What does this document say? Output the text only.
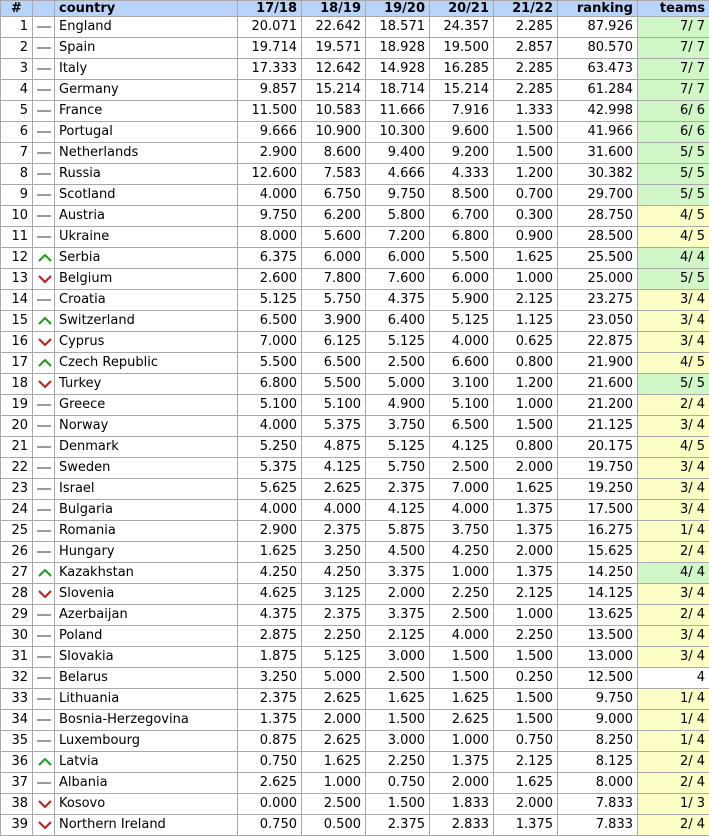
#		country	17/18	18/19	19/20	20/21	21/22	ranking	teams
1		England	20.071	22.642	18.571	24.357	2.285	87.926	7/ 7
2		Spain	19.714	19.571	18.928	19.500	2.857	80.570	7/ 7
3		Italy	17.333	12.642	14.928	16.285	2.285	63.473	7/ 7
4		Germany	9.857	15.214	18.714	15.214	2.285	61.284	7/ 7
5		France	11.500	10.583	11.666	7.916	1.333	42.998	6/ 6
6		Portugal	9.666	10.900	10.300	9.600	1.500	41.966	6/ 6
7		Netherlands	2.900	8.600	9.400	9.200	1.500	31.600	5/ 5
8		Russia	12.600	7.583	4.666	4.333	1.200	30.382	5/ 5
9		Scotland	4.000	6.750	9.750	8.500	0.700	29.700	5/ 5
10		Austria	9.750	6.200	5.800	6.700	0.300	28.750	4/ 5
11		Ukraine	8.000	5.600	7.200	6.800	0.900	28.500	4/ 5
12		Serbia	6.375	6.000	6.000	5.500	1.625	25.500	4/ 4
13		Belgium	2.600	7.800	7.600	6.000	1.000	25.000	5/ 5
14		Croatia	5.125	5.750	4.375	5.900	2.125	23.275	3/ 4
15		Switzerland	6.500	3.900	6.400	5.125	1.125	23.050	3/ 4
16		Cyprus	7.000	6.125	5.125	4.000	0.625	22.875	3/ 4
17		Czech Republic	5.500	6.500	2.500	6.600	0.800	21.900	4/ 5
18		Turkey	6.800	5.500	5.000	3.100	1.200	21.600	5/ 5
19		Greece	5.100	5.100	4.900	5.100	1.000	21.200	2/ 4
20		Norway	4.000	5.375	3.750	6.500	1.500	21.125	3/ 4
21		Denmark	5.250	4.875	5.125	4.125	0.800	20.175	4/ 5
22		Sweden	5.375	4.125	5.750	2.500	2.000	19.750	3/ 4
23		Israel	5.625	2.625	2.375	7.000	1.625	19.250	3/ 4
24		Bulgaria	4.000	4.000	4.125	4.000	1.375	17.500	3/ 4
25		Romania	2.900	2.375	5.875	3.750	1.375	16.275	1/ 4
26		Hungary	1.625	3.250	4.500	4.250	2.000	15.625	2/ 4
27		Kazakhstan	4.250	4.250	3.375	1.000	1.375	14.250	4/ 4
28		Slovenia	4.625	3.125	2.000	2.250	2.125	14.125	3/ 4
29		Azerbaijan	4.375	2.375	3.375	2.500	1.000	13.625	2/ 4
30		Poland	2.875	2.250	2.125	4.000	2.250	13.500	3/ 4
31		Slovakia	1.875	5.125	3.000	1.500	1.500	13.000	3/ 4
32		Belarus	3.250	5.000	2.500	1.500	0.250	12.500	4
33		Lithuania	2.375	2.625	1.625	1.625	1.500	9.750	1/ 4
34		Bosnia-Herzegovina	1.375	2.000	1.500	2.625	1.500	9.000	1/ 4
35		Luxembourg	0.875	2.625	3.000	1.000	0.750	8.250	1/ 4
36		Latvia	0.750	1.625	2.250	1.375	2.125	8.125	2/ 4
37		Albania	2.625	1.000	0.750	2.000	1.625	8.000	2/ 4
38		Kosovo	0.000	2.500	1.500	1.833	2.000	7.833	1/ 3
39		Northern Ireland	0.750	0.500	2.375	2.833	1.375	7.833	2/ 4
